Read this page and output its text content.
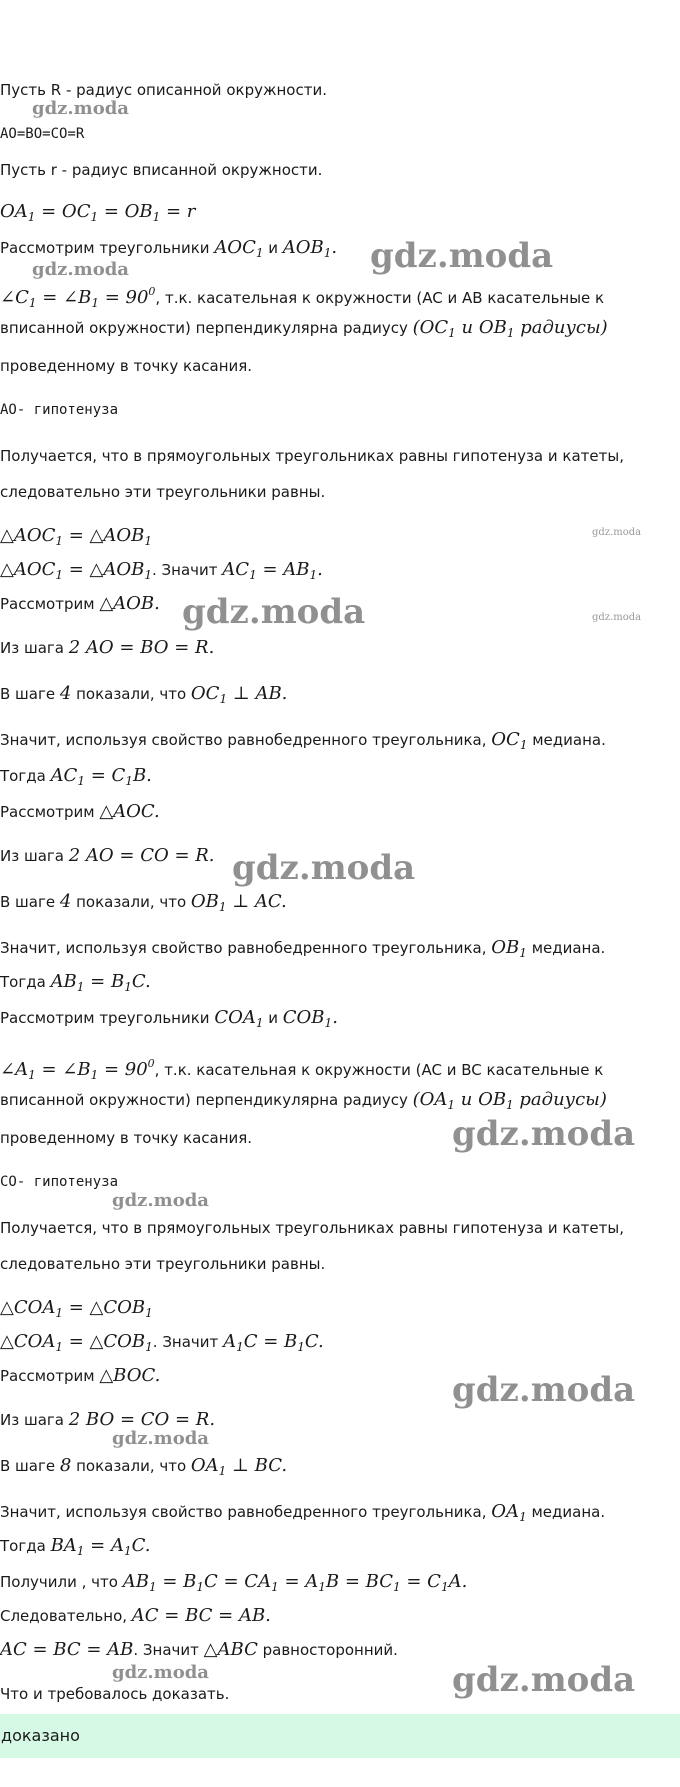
Пусть R - радиус описанной окружности.
AO=BO=CO=R
Пусть r - радиус вписанной окружности.
$OA_1 = OC_1 = OB_1 = r$
Рассмотрим треугольники $AOC_1$ и $AOB_1$.
$\angle C_1$ = $\angle B_1 = 90^0$, т.к. касательная к окружности (AC и AB касательные к
вписанной окружности) перпендикулярна радиусу ($OC_1$ и $OB_1$ радиусы)
проведенному в точку касания.
AO- гипотенуза
Получается, что в прямоугольных треугольниках равны гипотенуза и катеты,
следовательно эти треугольники равны.
$\triangle AOC_1$ = $\triangle AOB_1$
$\triangle AOC_1$ = $\triangle AOB_1$. Значит $AC_1 = AB_1$.
Рассмотрим △AOB.
Из шага 2 AO = BO = R.
В шаге 4 показали, что $OC_1$ ⊥ AB.
Значит, используя свойство равнобедренного треугольника, $OC_1$ медиана.
Тогда $AC_1 = C_1B$.
Рассмотрим △AOC.
Из шага 2 AO = CO = R.
В шаге 4 показали, что $OB_1$ ⊥ AC.
Значит, используя свойство равнобедренного треугольника, $OB_1$ медиана.
Тогда $AB_1 = B_1C$.
Рассмотрим треугольники $COA_1$ и $COB_1$.
$\angle A_1$ = $\angle B_1 = 90^0$, т.к. касательная к окружности (AC и BC касательные к
вписанной окружности) перпендикулярна радиусу ($OA_1$ и $OB_1$ радиусы)
проведенному в точку касания.
CO- гипотенуза
Получается, что в прямоугольных треугольниках равны гипотенуза и катеты,
следовательно эти треугольники равны.
$\triangle COA_1$ = $\triangle COB_1$
$\triangle COA_1$ = $\triangle COB_1$. Значит $A_1C = B_1C$.
Рассмотрим △BOC.
Из шага 2 BO = CO = R.
В шаге 8 показали, что $OA_1$ ⊥ BC.
Значит, используя свойство равнобедренного треугольника, $OA_1$ медиана.
Тогда $BA_1 = A_1C$.
Получили , что $AB_1 = B_1C = CA_1 = A_1B = BC_1 = C_1A$.
Следовательно, AC = BC = AB.
AC = BC = AB. Значит △ABC равносторонний.
Что и требовалось доказать.
доказано
gdz.moda
gdz.moda
gdz.moda
gdz.moda
gdz.moda	gdz.moda
gdz.moda
gdz.moda
gdz.moda
gdz.moda
gdz.moda
gdz.moda	gdz.moda
